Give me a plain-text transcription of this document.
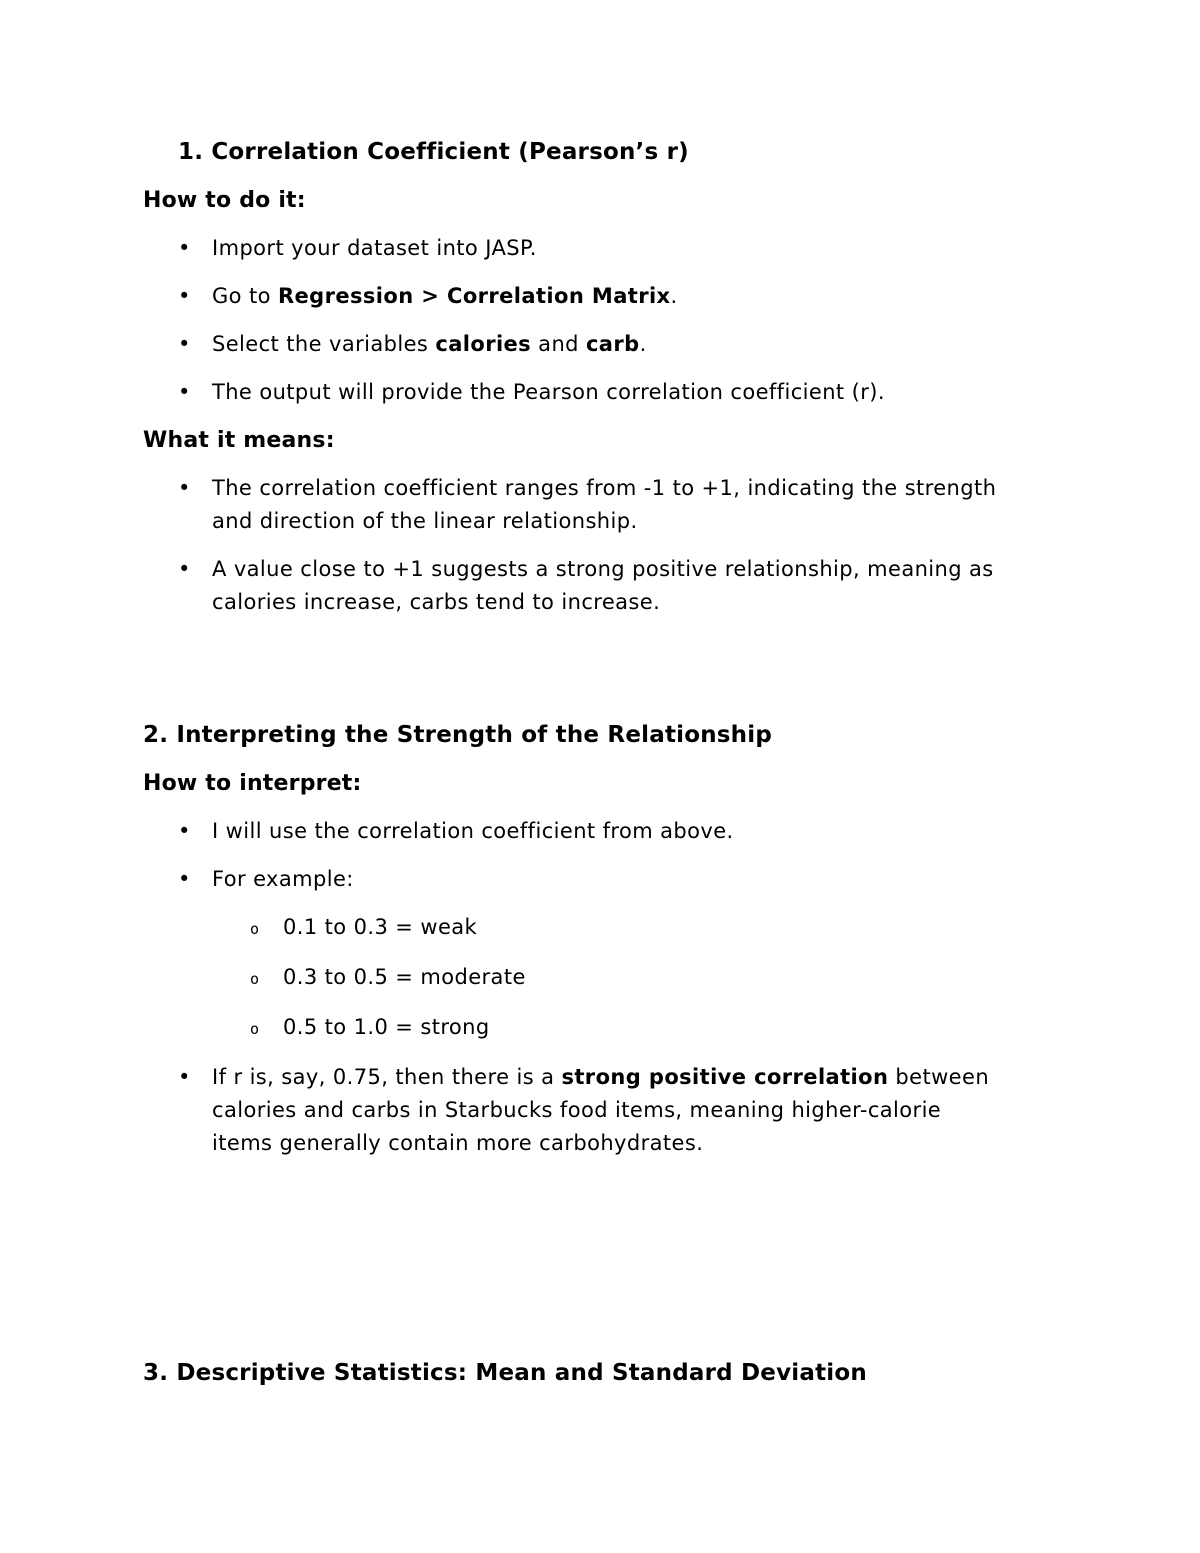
1. Correlation Coefficient (Pearson’s r)
How to do it:
•	Import your dataset into JASP.
•	Go to Regression > Correlation Matrix.
•	Select the variables calories and carb.
•	The output will provide the Pearson correlation coefficient (r).
What it means:
•	The correlation coefficient ranges from -1 to +1, indicating the strength
and direction of the linear relationship.
•	A value close to +1 suggests a strong positive relationship, meaning as
calories increase, carbs tend to increase.
2. Interpreting the Strength of the Relationship
How to interpret:
•	I will use the correlation coefficient from above.
•	For example:
o	0.1 to 0.3 = weak
o	0.3 to 0.5 = moderate
o	0.5 to 1.0 = strong
•	If r is, say, 0.75, then there is a strong positive correlation between
calories and carbs in Starbucks food items, meaning higher-calorie
items generally contain more carbohydrates.
3. Descriptive Statistics: Mean and Standard Deviation
